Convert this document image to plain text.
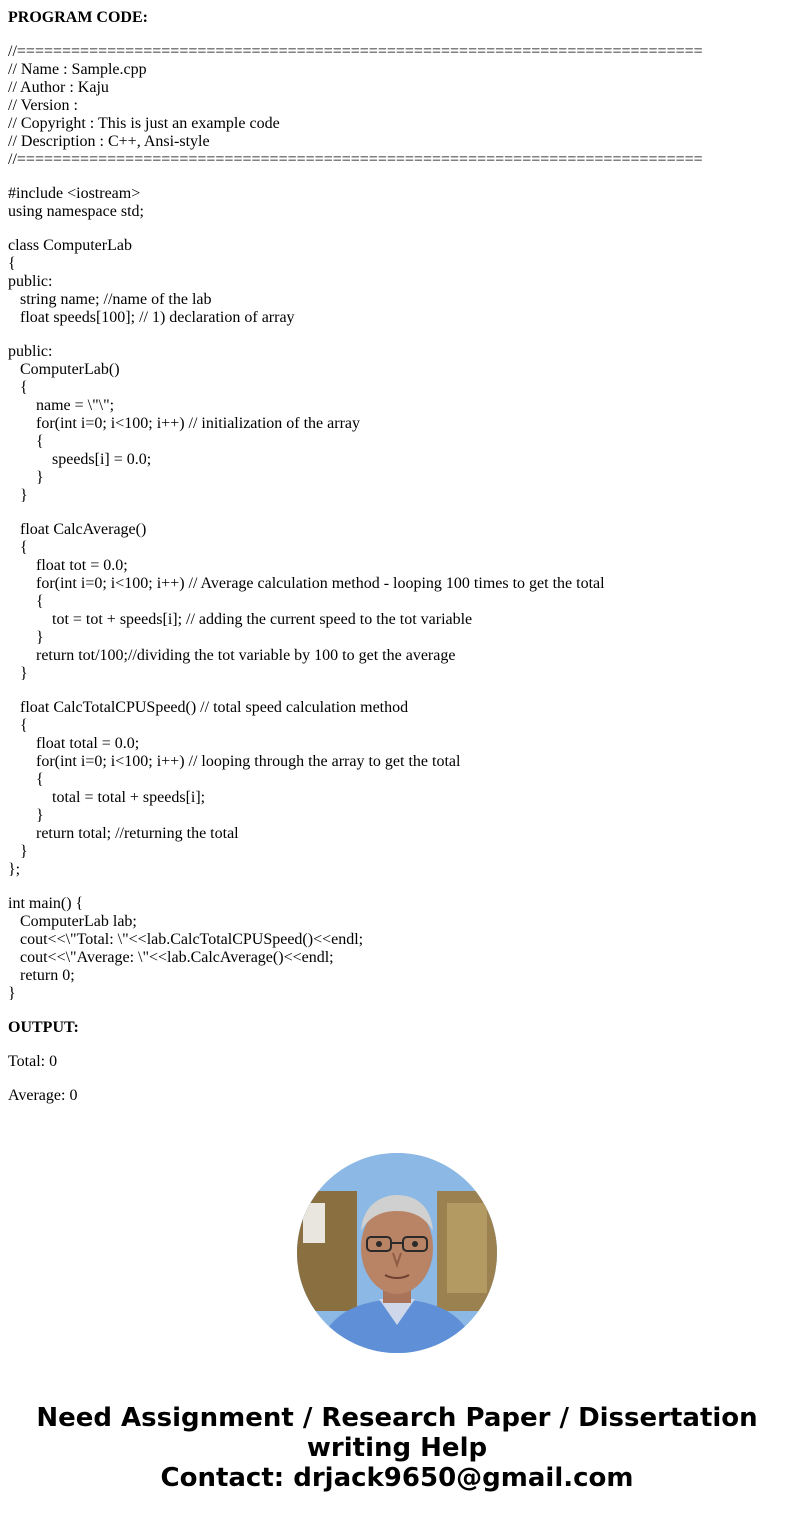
PROGRAM CODE:
//============================================================================
// Name : Sample.cpp
// Author : Kaju
// Version :
// Copyright : This is just an example code
// Description : C++, Ansi-style
//============================================================================
#include <iostream>
using namespace std;
class ComputerLab
{
public:
string name; //name of the lab
float speeds[100]; // 1) declaration of array
public:
ComputerLab()
{
name = \"\";
for(int i=0; i<100; i++) // initialization of the array
{
speeds[i] = 0.0;
}
}
float CalcAverage()
{
float tot = 0.0;
for(int i=0; i<100; i++) // Average calculation method - looping 100 times to get the total
{
tot = tot + speeds[i]; // adding the current speed to the tot variable
}
return tot/100;//dividing the tot variable by 100 to get the average
}
float CalcTotalCPUSpeed() // total speed calculation method
{
float total = 0.0;
for(int i=0; i<100; i++) // looping through the array to get the total
{
total = total + speeds[i];
}
return total; //returning the total
}
};
int main() {
ComputerLab lab;
cout<<\"Total: \"<<lab.CalcTotalCPUSpeed()<<endl;
cout<<\"Average: \"<<lab.CalcAverage()<<endl;
return 0;
}
OUTPUT:
Total: 0
Average: 0
Need Assignment / Research Paper / Dissertation
writing Help
Contact: drjack9650@gmail.com
